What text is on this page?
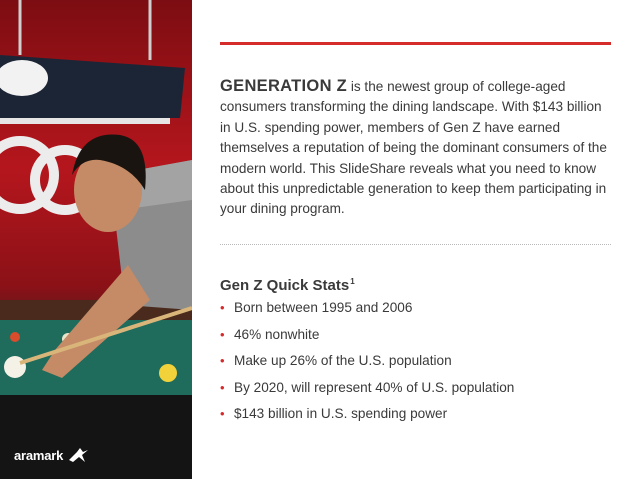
aramark

GENERATION Z is the newest group of college-aged consumers transforming the dining landscape. With $143 billion in U.S. spending power, members of Gen Z have earned themselves a reputation of being the dominant consumers of the modern world. This SlideShare reveals what you need to know about this unpredictable generation to keep them participating in your dining program.

Gen Z Quick Stats$^1$
• Born between 1995 and 2006
• 46% nonwhite
• Make up 26% of the U.S. population
• By 2020, will represent 40% of U.S. population
• $143 billion in U.S. spending power
